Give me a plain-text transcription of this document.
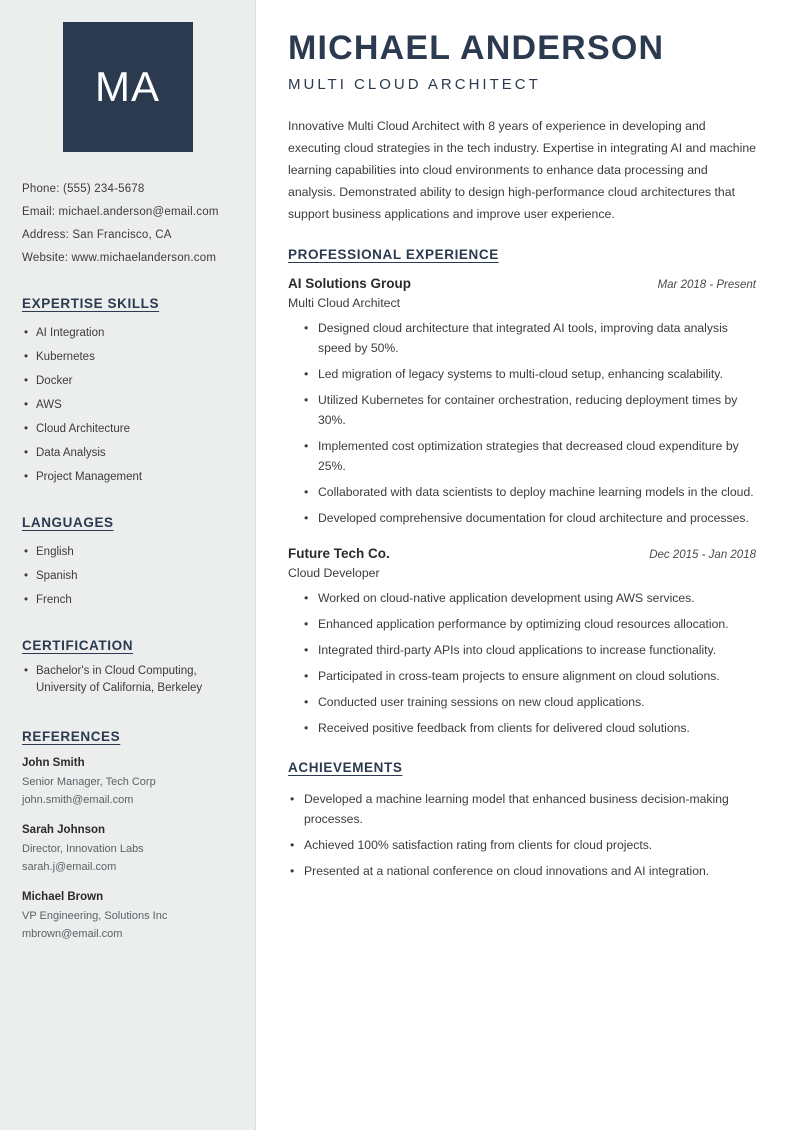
MA
Phone: (555) 234-5678
Email: michael.anderson@email.com
Address: San Francisco, CA
Website: www.michaelanderson.com
EXPERTISE SKILLS
• AI Integration
• Kubernetes
• Docker
• AWS
• Cloud Architecture
• Data Analysis
• Project Management
LANGUAGES
• English
• Spanish
• French
CERTIFICATION
• Bachelor's in Cloud Computing, University of California, Berkeley
REFERENCES
John Smith
Senior Manager, Tech Corp
john.smith@email.com
Sarah Johnson
Director, Innovation Labs
sarah.j@email.com
Michael Brown
VP Engineering, Solutions Inc
mbrown@email.com
MICHAEL ANDERSON
MULTI CLOUD ARCHITECT

Innovative Multi Cloud Architect with 8 years of experience in developing and executing cloud strategies in the tech industry. Expertise in integrating AI and machine learning capabilities into cloud environments to enhance data processing and analysis. Demonstrated ability to design high-performance cloud architectures that support business applications and improve user experience.

PROFESSIONAL EXPERIENCE
AI Solutions Group	Mar 2018 - Present
Multi Cloud Architect
• Designed cloud architecture that integrated AI tools, improving data analysis speed by 50%.
• Led migration of legacy systems to multi-cloud setup, enhancing scalability.
• Utilized Kubernetes for container orchestration, reducing deployment times by 30%.
• Implemented cost optimization strategies that decreased cloud expenditure by 25%.
• Collaborated with data scientists to deploy machine learning models in the cloud.
• Developed comprehensive documentation for cloud architecture and processes.
Future Tech Co.	Dec 2015 - Jan 2018
Cloud Developer
• Worked on cloud-native application development using AWS services.
• Enhanced application performance by optimizing cloud resources allocation.
• Integrated third-party APIs into cloud applications to increase functionality.
• Participated in cross-team projects to ensure alignment on cloud solutions.
• Conducted user training sessions on new cloud applications.
• Received positive feedback from clients for delivered cloud solutions.
ACHIEVEMENTS
• Developed a machine learning model that enhanced business decision-making processes.
• Achieved 100% satisfaction rating from clients for cloud projects.
• Presented at a national conference on cloud innovations and AI integration.
